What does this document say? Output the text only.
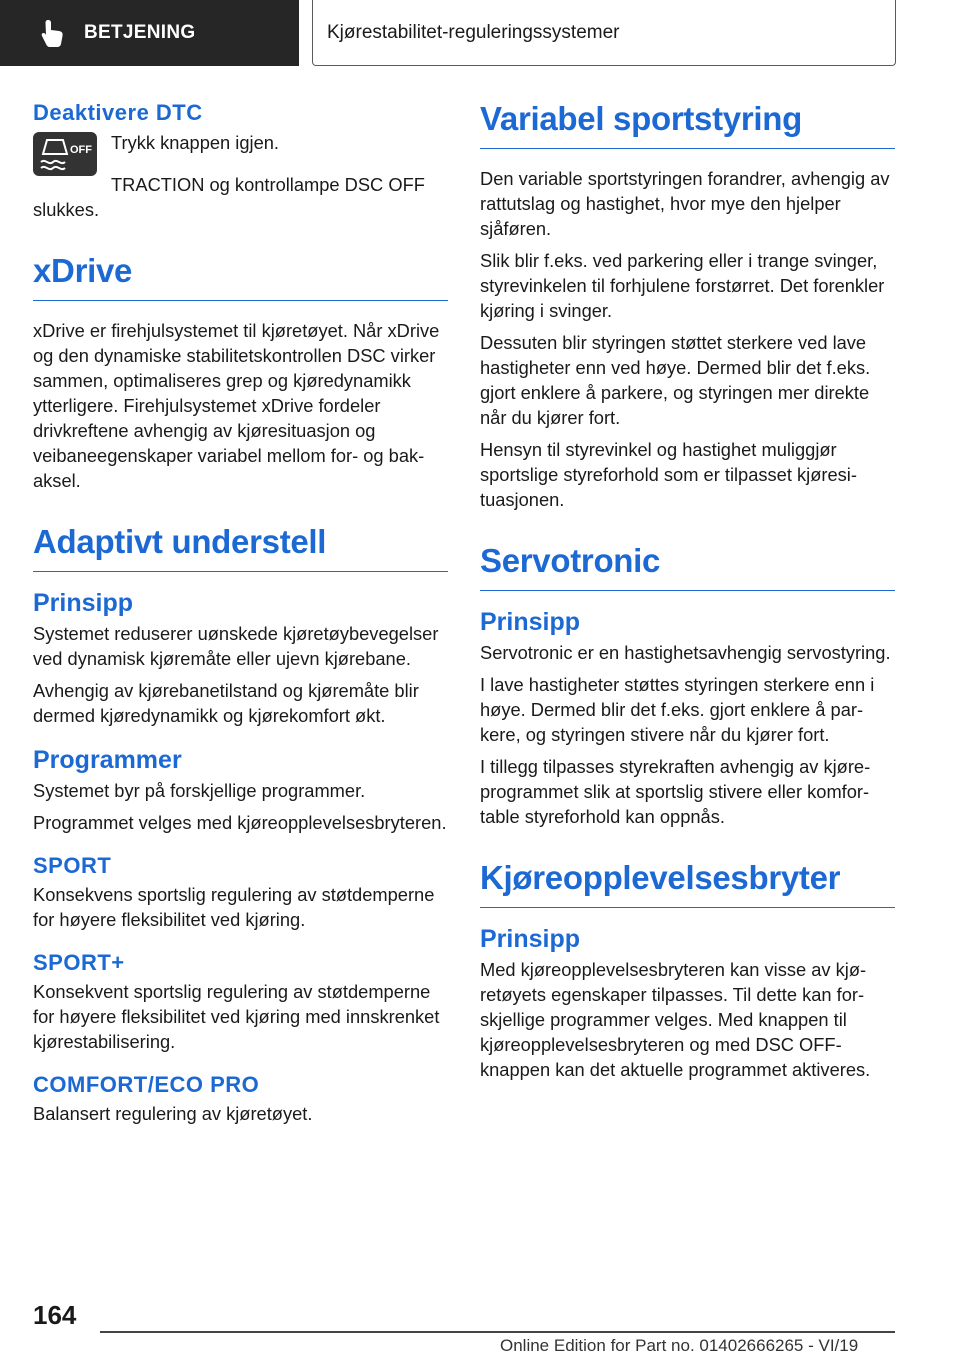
BETJENING	Kjørestabilitet-reguleringssystemer
Deaktivere DTC
OFF Trykk knappen igjen.

TRACTION og kontrollampe DSC OFF slukkes.

xDrive

xDrive er firehjulsystemet til kjøretøyet. Når xDrive og den dynamiske stabilitetskontrollen DSC virker sammen, optimaliseres grep og kjøredynamikk ytterligere. Firehjulsystemet xDrive fordeler drivkreftene avhengig av kjøresituasjon og veibaneegenskaper variabel mellom for- og bakaksel.

Adaptivt understell
Prinsipp

Systemet reduserer uønskede kjøretøybevegelser ved dynamisk kjøremåte eller ujevn kjørebane.

Avhengig av kjørebanetilstand og kjøremåte blir dermed kjøredynamikk og kjørekomfort økt.

Programmer

Systemet byr på forskjellige programmer.

Programmet velges med kjøreopplevelsesbryteren.

SPORT

Konsekvens sportslig regulering av støtdemperne for høyere fleksibilitet ved kjøring.

SPORT+

Konsekvent sportslig regulering av støtdemperne for høyere fleksibilitet ved kjøring med innskrenket kjørestabilisering.

COMFORT/ECO PRO

Balansert regulering av kjøretøyet.

Variabel sportstyring

Den variable sportstyringen forandrer, avhengig av rattutslag og hastighet, hvor mye den hjelper sjåføren.

Slik blir f.eks. ved parkering eller i trange svinger, styrevinkelen til forhjulene forstørret. Det forenkler kjøring i svinger.

Dessuten blir styringen støttet sterkere ved lave hastigheter enn ved høye. Dermed blir det f.eks. gjort enklere å parkere, og styringen mer direkte når du kjører fort.

Hensyn til styrevinkel og hastighet muliggjør sportslige styreforhold som er tilpasset kjøresituasjonen.

Servotronic
Prinsipp

Servotronic er en hastighetsavhengig servostyring.

I lave hastigheter støttes styringen sterkere enn i høye. Dermed blir det f.eks. gjort enklere å parkere, og styringen stivere når du kjører fort.

I tillegg tilpasses styrekraften avhengig av kjøreprogrammet slik at sportslig stivere eller komfortable styreforhold kan oppnås.

Kjøreopplevelsesbryter
Prinsipp

Med kjøreopplevelsesbryteren kan visse av kjøretøyets egenskaper tilpasses. Til dette kan forskjellige programmer velges. Med knappen til kjøreopplevelsesbryteren og med DSC OFF-knappen kan det aktuelle programmet aktiveres.

164
Online Edition for Part no. 01402666265 - VI/19
